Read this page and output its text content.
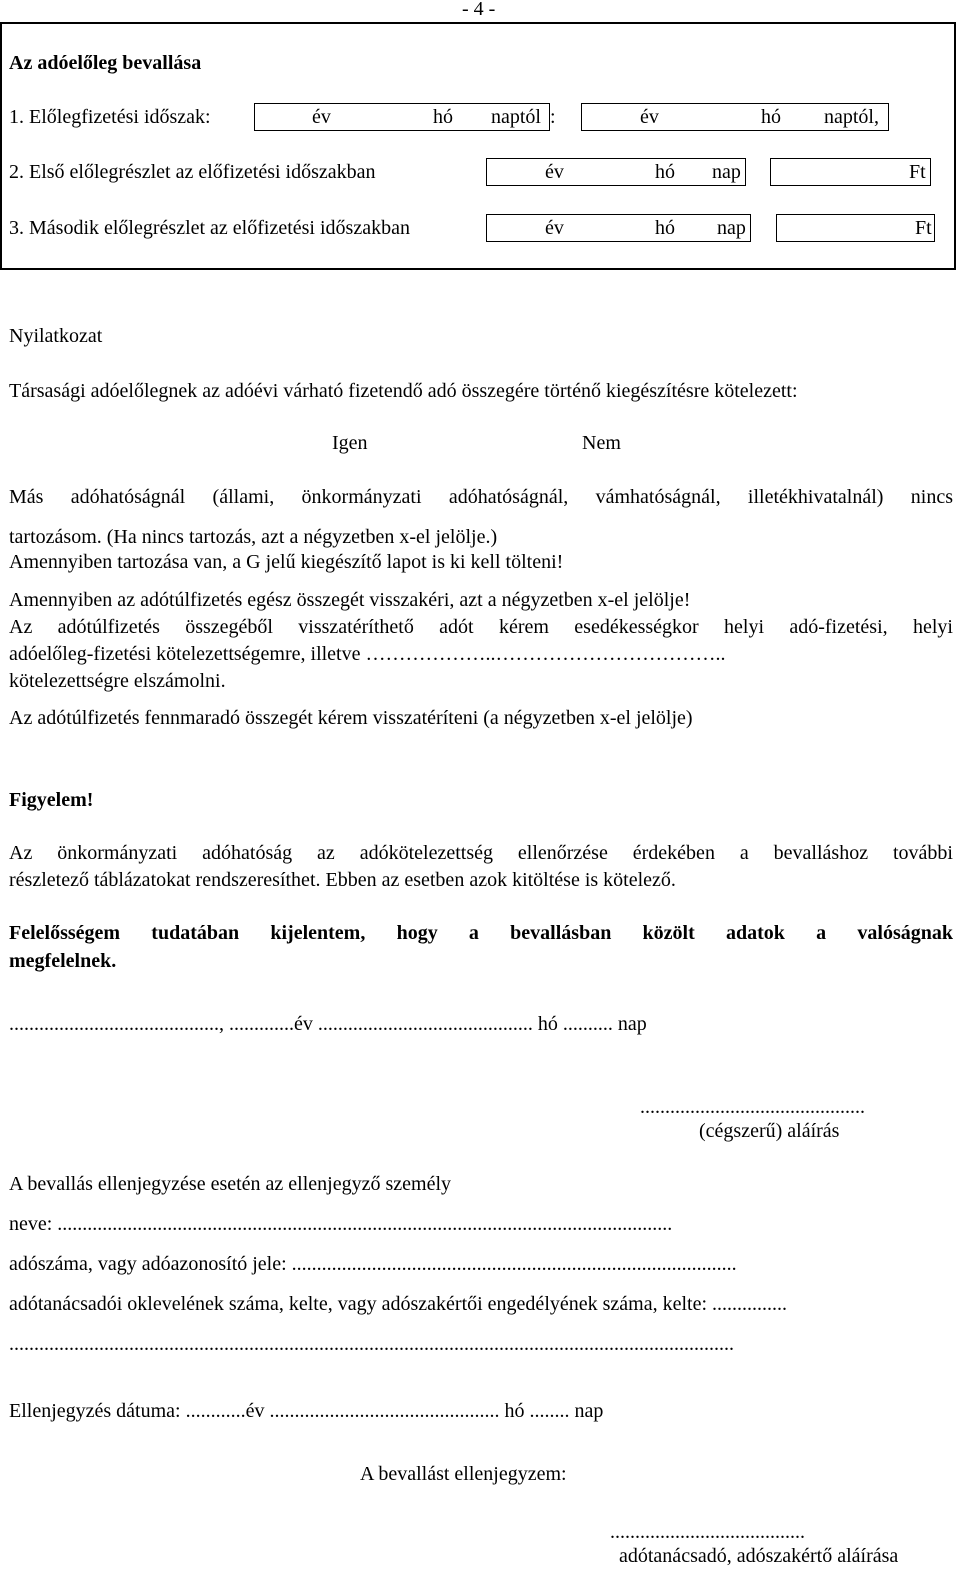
- 4 -
Az adóelőleg bevallása
1. Előlegfizetési időszak:	év	hó naptól :	év	hó naptól,
2. Első előlegrészlet az előfizetési időszakban	év	hó nap	Ft
3. Második előlegrészlet az előfizetési időszakban	év	hó nap	Ft
Nyilatkozat
Társasági adóelőlegnek az adóévi várható fizetendő adó összegére történő kiegészítésre kötelezett:
Igen	Nem
Más adóhatóságnál (állami, önkormányzati adóhatóságnál, vámhatóságnál, illetékhivatalnál) nincs
tartozásom. (Ha nincs tartozás, azt a négyzetben x-el jelölje.)
Amennyiben tartozása van, a G jelű kiegészítő lapot is ki kell tölteni!
Amennyiben az adótúlfizetés egész összegét visszakéri, azt a négyzetben x-el jelölje!
Az adótúlfizetés összegéből visszatéríthető adót kérem esedékességkor helyi adó-fizetési, helyi
adóelőleg-fizetési kötelezettségemre, illetve ………………..……………………………..
kötelezettségre elszámolni.
Az adótúlfizetés fennmaradó összegét kérem visszatéríteni (a négyzetben x-el jelölje)
Figyelem!
Az önkormányzati adóhatóság az adókötelezettség ellenőrzése érdekében a bevalláshoz további
részletező táblázatokat rendszeresíthet. Ebben az esetben azok kitöltése is kötelező.
Felelősségem tudatában kijelentem, hogy a bevallásban közölt adatok a valóságnak
megfelelnek.
.........................................., .............év ........................................... hó .......... nap
.............................................
(cégszerű) aláírás
A bevallás ellenjegyzése esetén az ellenjegyző személy
neve: ...........................................................................................................................
adószáma, vagy adóazonosító jele: .........................................................................................
adótanácsadói oklevelének száma, kelte, vagy adószakértői engedélyének száma, kelte: ...............
.................................................................................................................................................
Ellenjegyzés dátuma: ............év .............................................. hó ........ nap
A bevallást ellenjegyzem:
.......................................
adótanácsadó, adószakértő aláírása
